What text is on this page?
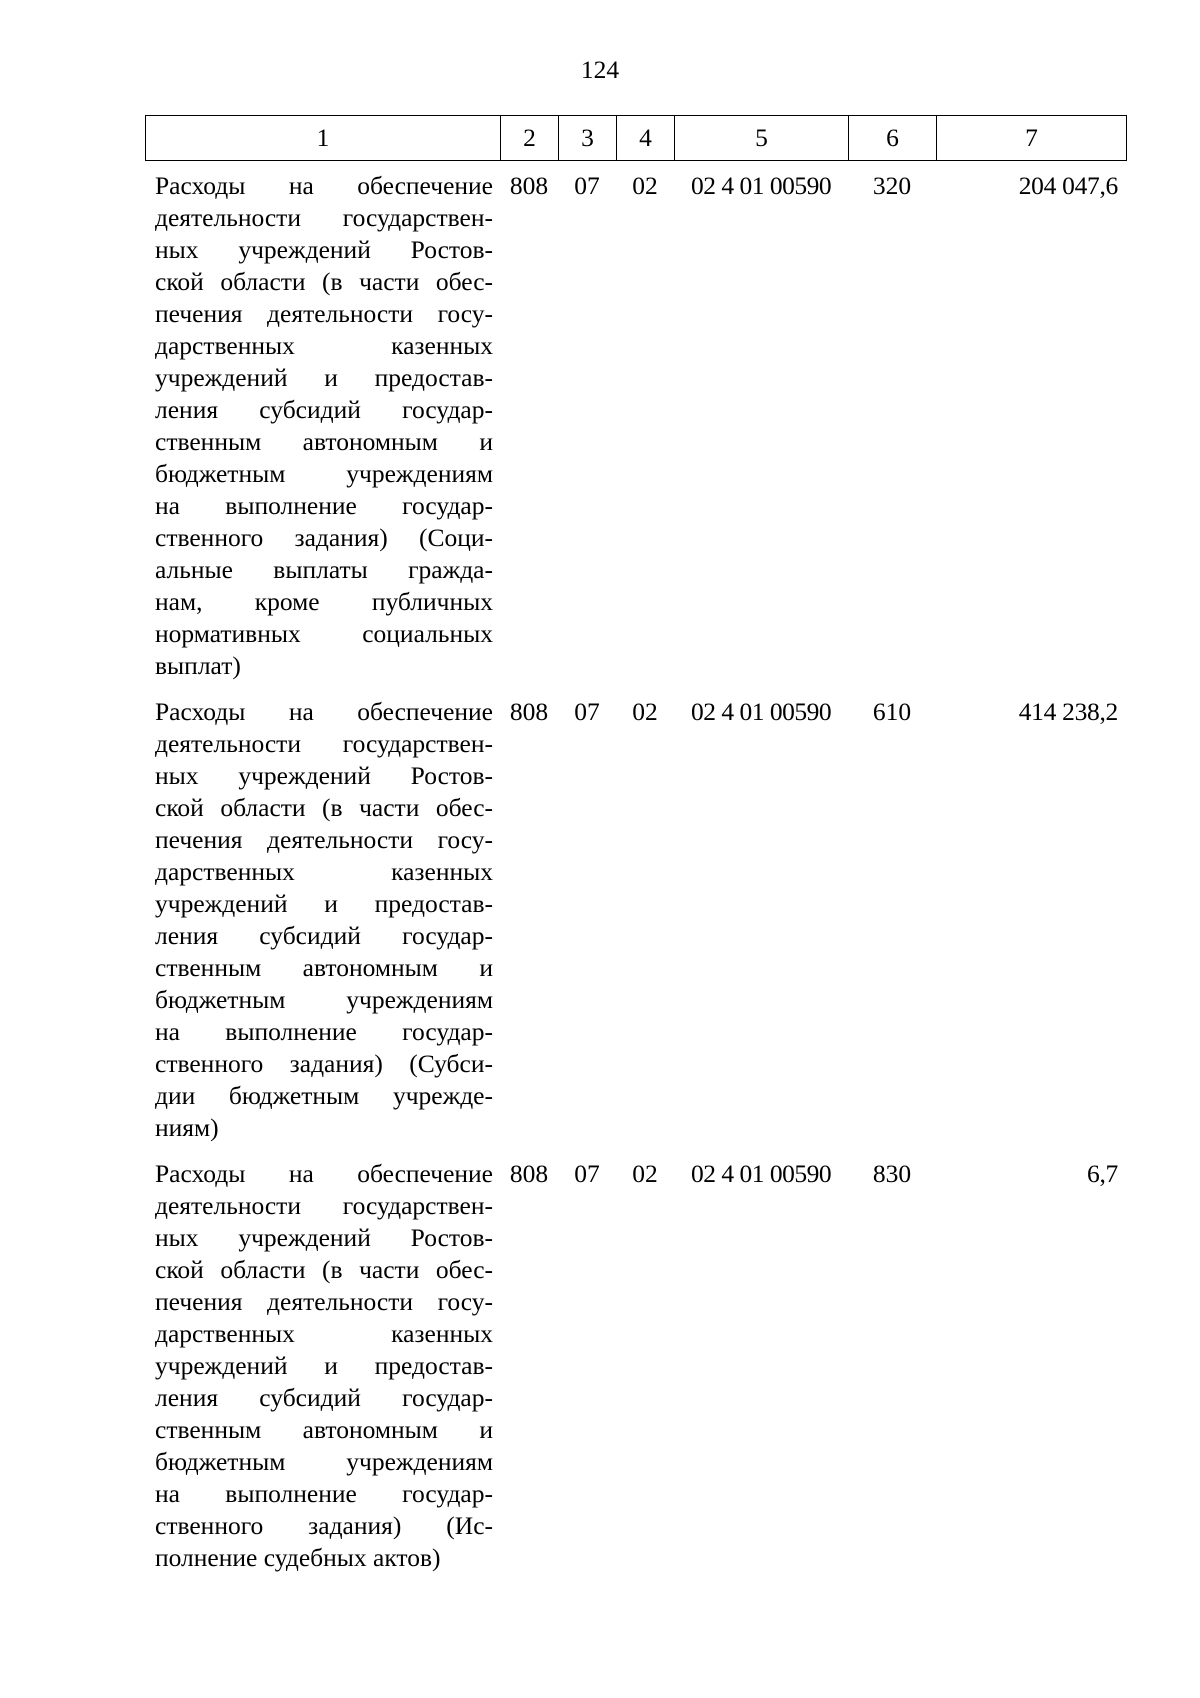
124
1	2	3	4	5	6	7
Расходы на обеспечение
деятельности государствен-
ных учреждений Ростов-
ской области (в части обес-
печения деятельности госу-
дарственных казенных
учреждений и предостав-
ления субсидий государ-
ственным автономным и
бюджетным учреждениям
на выполнение государ-
ственного задания) (Соци-
альные выплаты гражда-
нам, кроме публичных
нормативных социальных
выплат)
808	07	02	02 4 01 00590	320	204 047,6
Расходы на обеспечение
деятельности государствен-
ных учреждений Ростов-
ской области (в части обес-
печения деятельности госу-
дарственных казенных
учреждений и предостав-
ления субсидий государ-
ственным автономным и
бюджетным учреждениям
на выполнение государ-
ственного задания) (Субси-
дии бюджетным учрежде-
ниям)
808	07	02	02 4 01 00590	610	414 238,2
Расходы на обеспечение
деятельности государствен-
ных учреждений Ростов-
ской области (в части обес-
печения деятельности госу-
дарственных казенных
учреждений и предостав-
ления субсидий государ-
ственным автономным и
бюджетным учреждениям
на выполнение государ-
ственного задания) (Ис-
полнение судебных актов)
808	07	02	02 4 01 00590	830	6,7
